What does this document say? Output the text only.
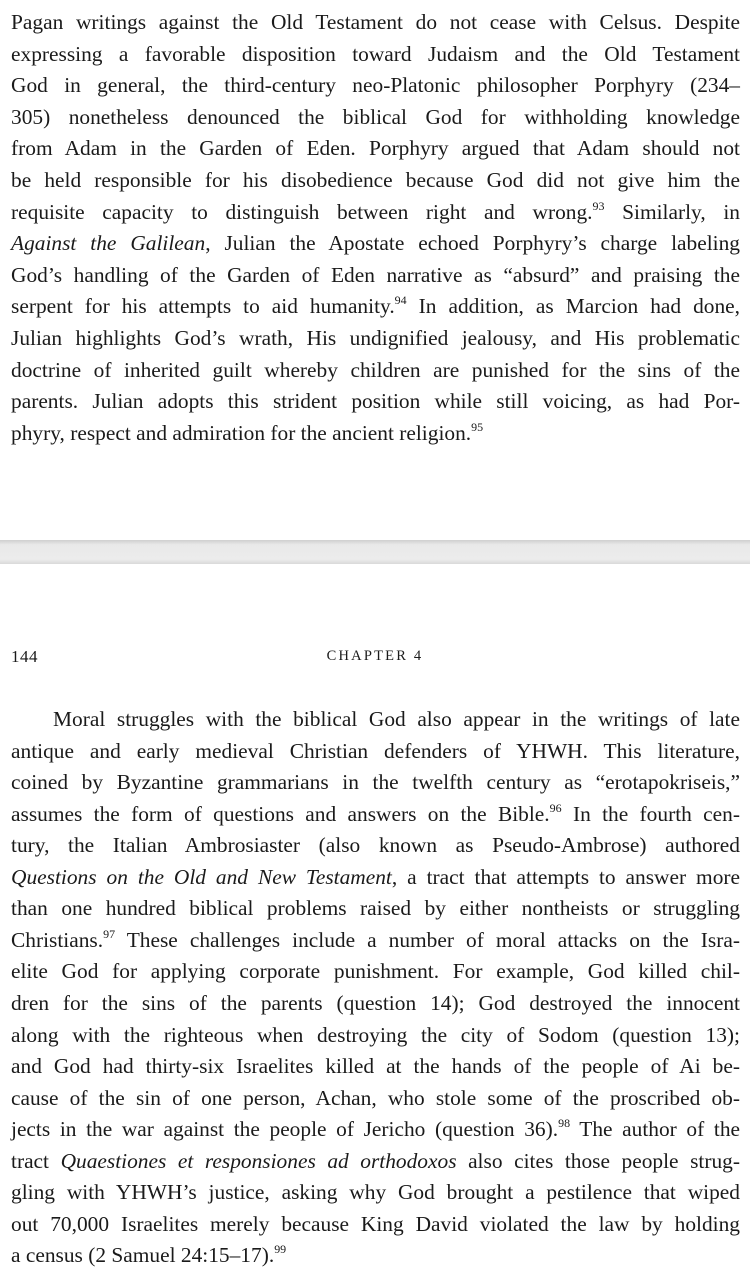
Pagan writings against the Old Testament do not cease with Celsus. Despite
expressing a favorable disposition toward Judaism and the Old Testament
God in general, the third-century neo-Platonic philosopher Porphyry (234–
305) nonetheless denounced the biblical God for withholding knowledge
from Adam in the Garden of Eden. Porphyry argued that Adam should not
be held responsible for his disobedience because God did not give him the
requisite capacity to distinguish between right and wrong.$^{93}$ Similarly, in
Against the Galilean, Julian the Apostate echoed Porphyry’s charge labeling
God’s handling of the Garden of Eden narrative as “absurd” and praising the
serpent for his attempts to aid humanity.$^{94}$ In addition, as Marcion had done,
Julian highlights God’s wrath, His undignified jealousy, and His problematic
doctrine of inherited guilt whereby children are punished for the sins of the
parents. Julian adopts this strident position while still voicing, as had Por-
phyry, respect and admiration for the ancient religion.$^{95}$
144	CHAPTER 4
Moral struggles with the biblical God also appear in the writings of late
antique and early medieval Christian defenders of YHWH. This literature,
coined by Byzantine grammarians in the twelfth century as “erotapokriseis,”
assumes the form of questions and answers on the Bible.$^{96}$ In the fourth cen-
tury, the Italian Ambrosiaster (also known as Pseudo-Ambrose) authored
Questions on the Old and New Testament, a tract that attempts to answer more
than one hundred biblical problems raised by either nontheists or struggling
Christians.$^{97}$ These challenges include a number of moral attacks on the Isra-
elite God for applying corporate punishment. For example, God killed chil-
dren for the sins of the parents (question 14); God destroyed the innocent
along with the righteous when destroying the city of Sodom (question 13);
and God had thirty-six Israelites killed at the hands of the people of Ai be-
cause of the sin of one person, Achan, who stole some of the proscribed ob-
jects in the war against the people of Jericho (question 36).$^{98}$ The author of the
tract Quaestiones et responsiones ad orthodoxos also cites those people strug-
gling with YHWH’s justice, asking why God brought a pestilence that wiped
out 70,000 Israelites merely because King David violated the law by holding
a census (2 Samuel 24:15–17).$^{99}$
